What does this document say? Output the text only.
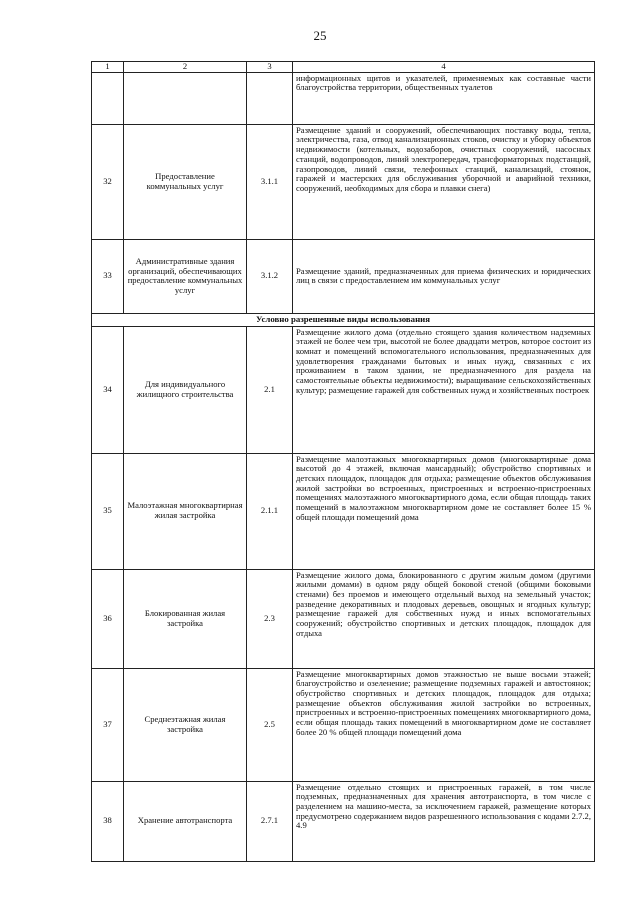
25
1	2	3	4
			информационных щитов и указателей, применяемых как составные части благоустройства территории, общественных туалетов
32	Предоставление коммунальных услуг	3.1.1	Размещение зданий и сооружений, обеспечивающих поставку воды, тепла, электричества, газа, отвод канализационных стоков, очистку и уборку объектов недвижимости (котельных, водозаборов, очистных сооружений, насосных станций, водопроводов, линий электропередач, трансформаторных подстанций, газопроводов, линий связи, телефонных станций, канализаций, стоянок, гаражей и мастерских для обслуживания уборочной и аварийной техники, сооружений, необходимых для сбора и плавки снега)
33	Административные здания организаций, обеспечивающих предоставление коммунальных услуг	3.1.2	Размещение зданий, предназначенных для приема физических и юридических лиц в связи с предоставлением им коммунальных услуг
Условно разрешенные виды использования			
34	Для индивидуального жилищного строительства	2.1	Размещение жилого дома (отдельно стоящего здания количеством надземных этажей не более чем три, высотой не более двадцати метров, которое состоит из комнат и помещений вспомогательного использования, предназначенных для удовлетворения гражданами бытовых и иных нужд, связанных с их проживанием в таком здании, не предназначенного для раздела на самостоятельные объекты недвижимости); выращивание сельскохозяйственных культур; размещение гаражей для собственных нужд и хозяйственных построек
35	Малоэтажная многоквартирная жилая застройка	2.1.1	Размещение малоэтажных многоквартирных домов (многоквартирные дома высотой до 4 этажей, включая мансардный); обустройство спортивных и детских площадок, площадок для отдыха; размещение объектов обслуживания жилой застройки во встроенных, пристроенных и встроенно-пристроенных помещениях малоэтажного многоквартирного дома, если общая площадь таких помещений в малоэтажном многоквартирном доме не составляет более 15 % общей площади помещений дома
36	Блокированная жилая застройка	2.3	Размещение жилого дома, блокированного с другим жилым домом (другими жилыми домами) в одном ряду общей боковой стеной (общими боковыми стенами) без проемов и имеющего отдельный выход на земельный участок; разведение декоративных и плодовых деревьев, овощных и ягодных культур; размещение гаражей для собственных нужд и иных вспомогательных сооружений; обустройство спортивных и детских площадок, площадок для отдыха
37	Среднеэтажная жилая застройка	2.5	Размещение многоквартирных домов этажностью не выше восьми этажей; благоустройство и озеленение; размещение подземных гаражей и автостоянок; обустройство спортивных и детских площадок, площадок для отдыха; размещение объектов обслуживания жилой застройки во встроенных, пристроенных и встроенно-пристроенных помещениях многоквартирного дома, если общая площадь таких помещений в многоквартирном доме не составляет более 20 % общей площади помещений дома
38	Хранение автотранспорта	2.7.1	Размещение отдельно стоящих и пристроенных гаражей, в том числе подземных, предназначенных для хранения автотранспорта, в том числе с разделением на машино-места, за исключением гаражей, размещение которых предусмотрено содержанием видов разрешенного использования с кодами 2.7.2, 4.9
